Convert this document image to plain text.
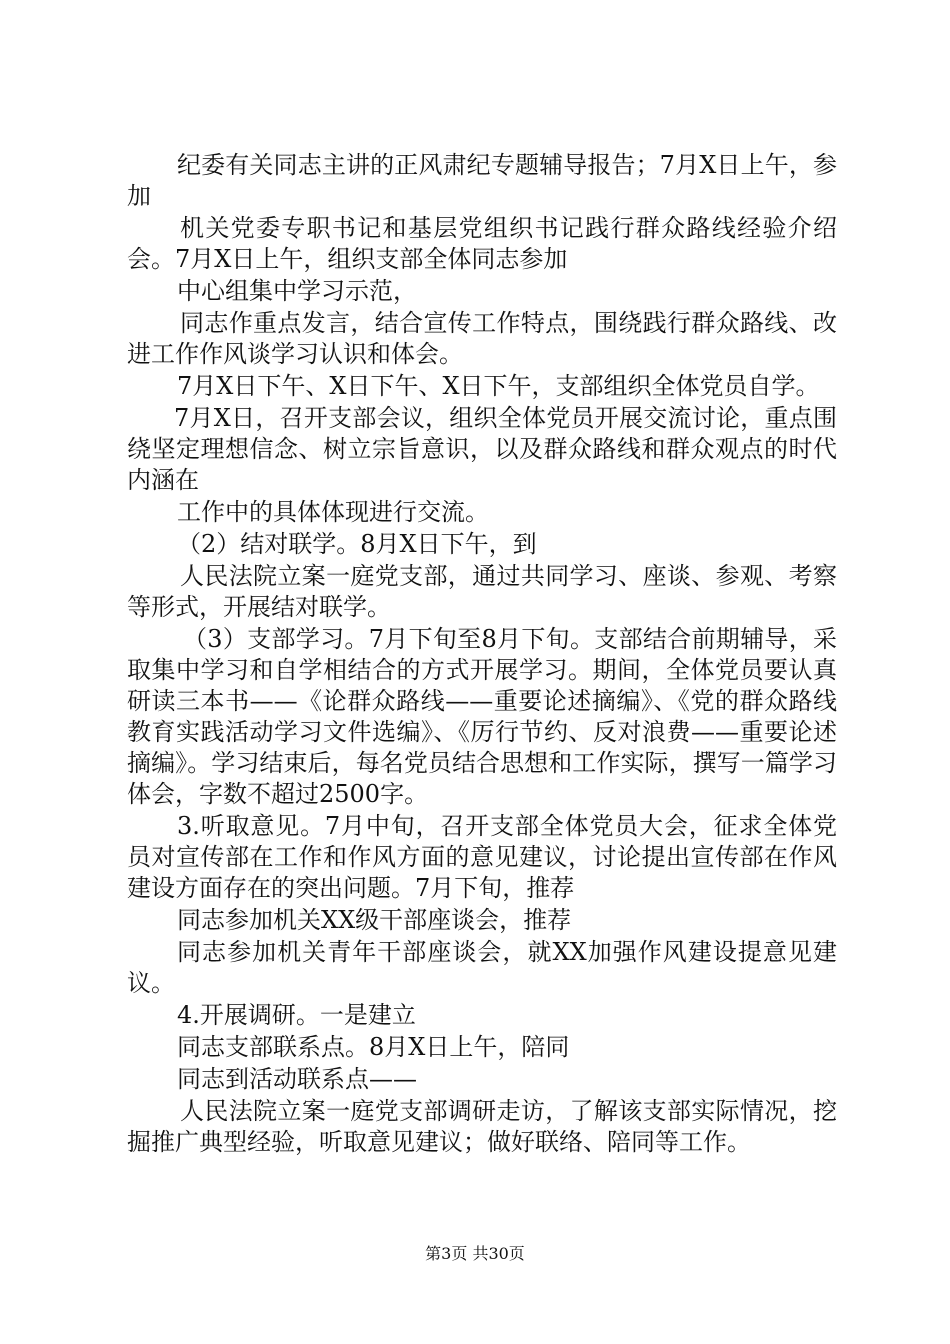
纪委有关同志主讲的正风肃纪专题辅导报告；7月X日上午，参加

机关党委专职书记和基层党组织书记践行群众路线经验介绍会。7月X日上午，组织支部全体同志参加

中心组集中学习示范，

同志作重点发言，结合宣传工作特点，围绕践行群众路线、改进工作作风谈学习认识和体会。

7月X日下午、X日下午、X日下午，支部组织全体党员自学。

7月X日，召开支部会议，组织全体党员开展交流讨论，重点围绕坚定理想信念、树立宗旨意识，以及群众路线和群众观点的时代内涵在

工作中的具体体现进行交流。

（2）结对联学。8月X日下午，到

人民法院立案一庭党支部，通过共同学习、座谈、参观、考察等形式，开展结对联学。

（3）支部学习。7月下旬至8月下旬。支部结合前期辅导，采取集中学习和自学相结合的方式开展学习。期间，全体党员要认真研读三本书——《论群众路线——重要论述摘编》、《党的群众路线教育实践活动学习文件选编》、《厉行节约、反对浪费——重要论述摘编》。学习结束后，每名党员结合思想和工作实际，撰写一篇学习体会，字数不超过2500字。

3.听取意见。7月中旬，召开支部全体党员大会，征求全体党员对宣传部在工作和作风方面的意见建议，讨论提出宣传部在作风建设方面存在的突出问题。7月下旬，推荐

同志参加机关XX级干部座谈会，推荐

同志参加机关青年干部座谈会，就XX加强作风建设提意见建议。

4.开展调研。一是建立

同志支部联系点。8月X日上午，陪同

同志到活动联系点——

人民法院立案一庭党支部调研走访，了解该支部实际情况，挖掘推广典型经验，听取意见建议；做好联络、陪同等工作。

第3页 共30页
